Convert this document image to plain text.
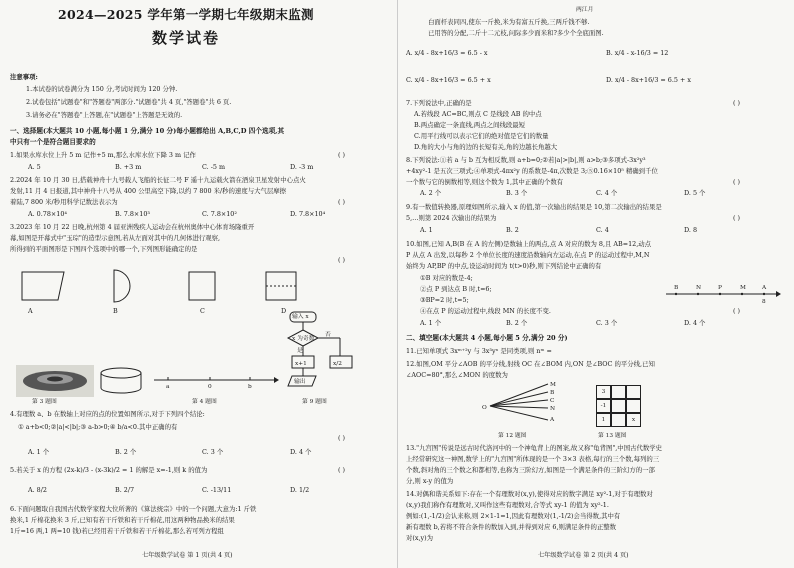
2024—2025 学年第一学期七年级期末监测
数学试卷
注意事项:
1.本试卷的试卷满分为 150 分,考试时间为 120 分钟.
2.试卷包括"试题卷"和"答题卷"两部分."试题卷"共 4 页,"答题卷"共 6 页.
3.请务必在"答题卷"上答题,在"试题卷"上答题是无效的.
一、选择题(本大题共 10 小题,每小题 1 分,满分 10 分)每小题都给出 A,B,C,D 四个选项,其
中只有一个是符合题目要求的
1.如果水库水位上升 5 m 记作+5 m,那么水库水位下降 3 m 记作	( )
A. 5	B. +3 m	C. -5 m	D. -3 m
2.2024 年 10 月 30 日,搭载神舟十九号载人飞船的长征二号 F 遥十九运载火箭在酒泉卫星发射中心点火
发射,11 月 4 日报道,其中神舟十八号从 400 公里高空下降,以约 7 800 米/秒的速度与大气层摩擦
着陆,7 800 米/秒用科学记数法表示为	( )
A. 0.78×10⁴	B. 7.8×10³	C. 7.8×10²	D. 7.8×10⁴
3.2023 年 10 月 22 日晚,杭州第 4 届亚洲残疾人运动会在杭州奥体中心体育场隆重开
幕,如图是开幕式中"玉琮"的造型示意图,若从左面对其中的几何体进行观察,
所得到的平面图形是下图四个选项中的哪一个,下列图形能确定的是
( )
A	B	C	D
输入 x
x 为奇数
否
是
x+1	x/2
输出
a	0	b
第 3 题图	第 4 题图	第 9 题图
4.有理数 a、b 在数轴上对应的点的位置如图所示,对于下列四个结论:
① a+b<0;②|a|<|b|;③ a-b>0;④ b/a<0.其中正确的有
( )
A. 1 个	B. 2 个	C. 3 个	D. 4 个
5.若关于 x 的方程 (2x-k)/3 - (x-3k)/2 = 1 的解是 x=-1,则 k 的值为	( )
A. 8/2	B. 2/7	C. -13/11	D. 1/2
6.下面问题取自我国古代数学家程大位所著的《算法统宗》中的一个问题,大意为:1 斤铁
换米,1 斤棉花换米 3 斤,已知有若干斤铁和若干斤棉花,用这两种物品换米的结果
1斤=16 两,1 两=10 钱)若已经用若干斤铁和若干斤棉花,那么若可列方程组
七年级数学试卷 第 1 页(共 4 页)
两江月
白面杆表同四,使东一斤换,米为有富五斤换,三两斤钱不够.
已用答的分配,二斤十二元枝,问际多少面米和?多少个全底面图.
A. x/4 - 8x+16/3 = 6.5 - x	B. x/4 - x-16/3 = 12
C. x/4 - 8x+16/3 = 6.5 + x	D. x/4 - 8x+16/3 = 6.5 + x
7.下列说法中,正确的是	( )
A.若线段 AC=BC,则点 C 是线段 AB 的中点
B.两点确定一条直线,两点之间线段最短
C.用平行线可以表示它们的绝对值是它们的数量
D.角的大小与角的边的长短有关,角的边越长角越大
8.下列说法:①若 a 与 b 互为相反数,则 a+b=0;②若|a|>|b|,则 a>b;③多项式-3x²y³
+4xy²-1 是五次三项式;④单项式-4πx²y 的系数是-4π,次数是 3;⑤0.16×10⁵ 精确到千位
一个数与它的倒数相等,则这个数为 1,其中正确的个数有	( )
A. 2 个	B. 3 个	C. 4 个	D. 5 个
9.有一数值转换器,原理如图所示,输入 x 的值,第一次输出的结果是 10,第二次输出的结果是
5,…则第 2024 次输出的结果为	( )
A. 1	B. 2	C. 4	D. 8
10.如图,已知 A,B(B 在 A 的左侧)是数轴上的两点,点 A 对应的数为 8,且 AB=12,动点
P 从点 A 出发,以每秒 2 个单位长度的速度沿数轴向左运动,在点 P 的运动过程中,M,N
始终为 AP,BP 的中点,设运动时间为 t(t>0)秒,则下列结论中正确的有
①B 对应的数是-4;
②点 P 到达点 B 时,t=6;
③BP=2 时,t=5;
④在点 P 的运动过程中,线段 MN 的长度不变.	( )
A. 1 个	B. 2 个	C. 3 个	D. 4 个
B	N	P	M	A
8
二、填空题(本大题共 4 小题,每小题 5 分,满分 20 分)
11.已知单项式 3xᵐ⁺²y 与 3x³yⁿ 是同类项,则 nᵐ =
12.如图,OM 平分∠AOB 的平分线,射线 OC 在∠BOM 内,ON 是∠BOC 的平分线,已知
∠AOC=80°,那么∠MON 的度数为
M
B
C
N
A
O
第 12 题图
3
-1
1	x
第 13 题图
13."九宫图"传说是远古时代洛河中的一个神龟背上的图案,故又称"龟背图",中国古代数学史
上经常研究这一神图,数学上的"九宫图"所体现的是一个 3×3 表格,每行的三个数,每列的三
个数,斜对角的三个数之和都相等,也称为三阶幻方,如图是一个满足条件的三阶幻方的一部
分,则 x-y 的值为
14.对偶和谐关系如下:存在一个有理数对(x,y),使得对应的数字满足 xy²-1,对于有理数对
(x,y)我们称作有理数对,又叫作这些有理数对,合等式 xy-1 的值为 xy²-1.
例如:(1,-1/2)会认来称,则 2×1-1=1,因此有理数对(1,-1/2)会当得数,其中有
新有理数 b,若将不符合条件的数加入到,并得到对应 6,则满足条件的正整数
对(x,y)为
七年级数学试卷 第 2 页(共 4 页)
